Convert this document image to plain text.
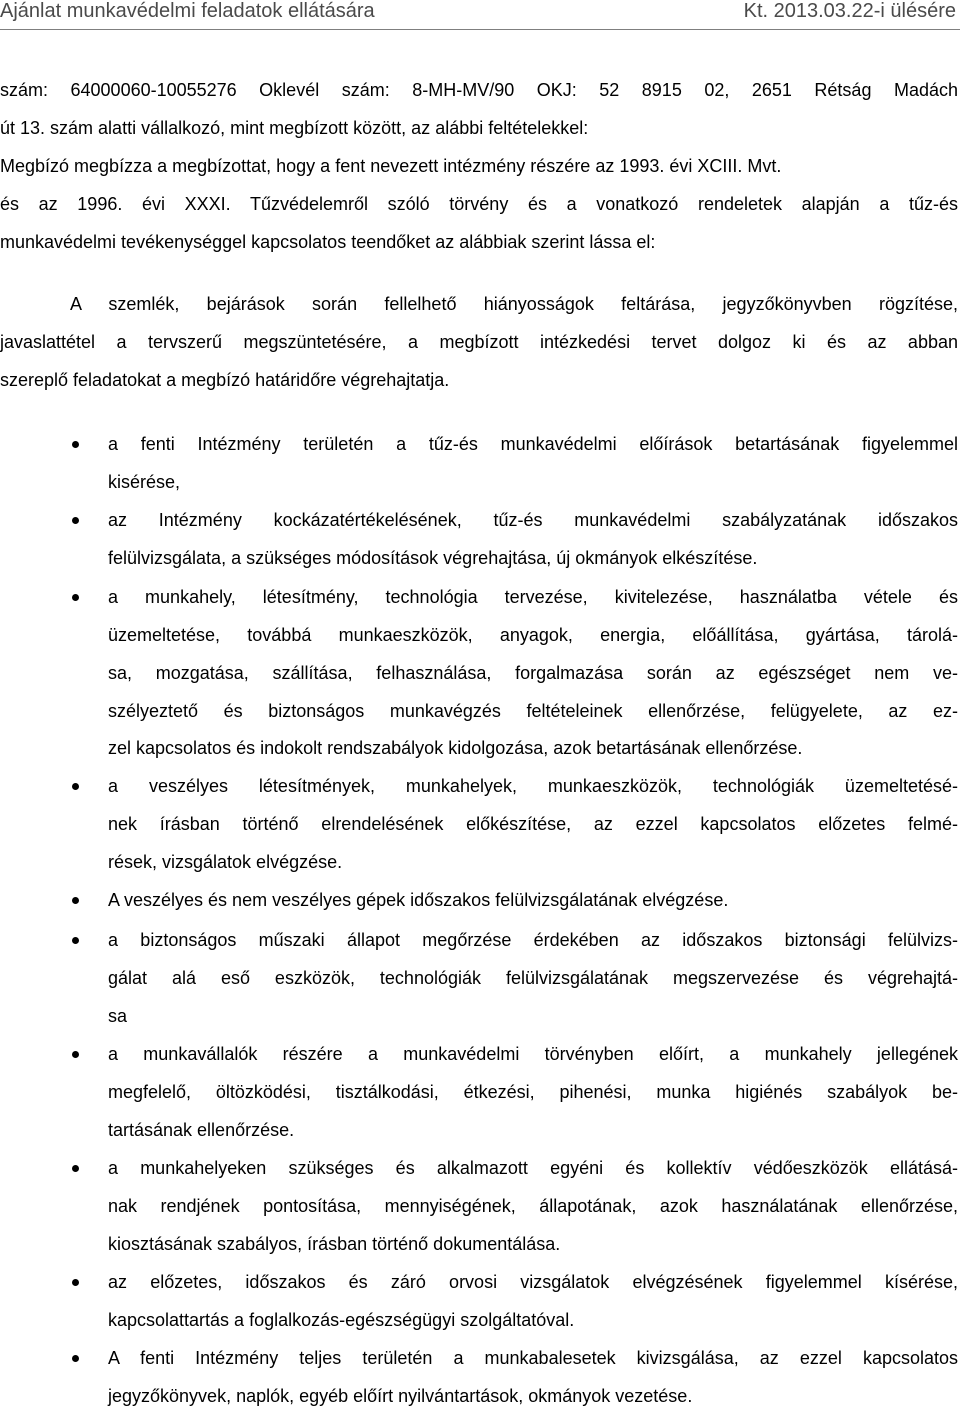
Ajánlat munkavédelmi feladatok ellátására	Kt. 2013.03.22-i ülésére
szám: 64000060-10055276 Oklevél szám: 8-MH-MV/90 OKJ: 52 8915 02, 2651 Rétság Madách
út 13. szám alatti vállalkozó, mint megbízott között, az alábbi feltételekkel:
Megbízó megbízza a megbízottat, hogy a fent nevezett intézmény részére az 1993. évi XCIII. Mvt.
és az 1996. évi XXXI. Tűzvédelemről szóló törvény és a vonatkozó rendeletek alapján a tűz-és
munkavédelmi tevékenységgel kapcsolatos teendőket az alábbiak szerint lássa el:
A szemlék, bejárások során fellelhető hiányosságok feltárása, jegyzőkönyvben rögzítése,
javaslattétel a tervszerű megszüntetésére, a megbízott intézkedési tervet dolgoz ki és az abban
szereplő feladatokat a megbízó határidőre végrehajtatja.
a fenti Intézmény területén a tűz-és munkavédelmi előírások betartásának figyelemmel
kisérése,
az Intézmény kockázatértékelésének, tűz-és munkavédelmi szabályzatának időszakos
felülvizsgálata, a szükséges módosítások végrehajtása, új okmányok elkészítése.
a munkahely, létesítmény, technológia tervezése, kivitelezése, használatba vétele és
üzemeltetése, továbbá munkaeszközök, anyagok, energia, előállítása, gyártása, tárolá-
sa, mozgatása, szállítása, felhasználása, forgalmazása során az egészséget nem ve-
szélyeztető és biztonságos munkavégzés feltételeinek ellenőrzése, felügyelete, az ez-
zel kapcsolatos és indokolt rendszabályok kidolgozása, azok betartásának ellenőrzése.
a veszélyes létesítmények, munkahelyek, munkaeszközök, technológiák üzemeltetésé-
nek írásban történő elrendelésének előkészítése, az ezzel kapcsolatos előzetes felmé-
rések, vizsgálatok elvégzése.
A veszélyes és nem veszélyes gépek időszakos felülvizsgálatának elvégzése.
a biztonságos műszaki állapot megőrzése érdekében az időszakos biztonsági felülvizs-
gálat alá eső eszközök, technológiák felülvizsgálatának megszervezése és végrehajtá-
sa
a munkavállalók részére a munkavédelmi törvényben előírt, a munkahely jellegének
megfelelő, öltözködési, tisztálkodási, étkezési, pihenési, munka higiénés szabályok be-
tartásának ellenőrzése.
a munkahelyeken szükséges és alkalmazott egyéni és kollektív védőeszközök ellátásá-
nak rendjének pontosítása, mennyiségének, állapotának, azok használatának ellenőrzése,
kiosztásának szabályos, írásban történő dokumentálása.
az előzetes, időszakos és záró orvosi vizsgálatok elvégzésének figyelemmel kísérése,
kapcsolattartás a foglalkozás-egészségügyi szolgáltatóval.
A fenti Intézmény teljes területén a munkabalesetek kivizsgálása, az ezzel kapcsolatos
jegyzőkönyvek, naplók, egyéb előírt nyilvántartások, okmányok vezetése.
